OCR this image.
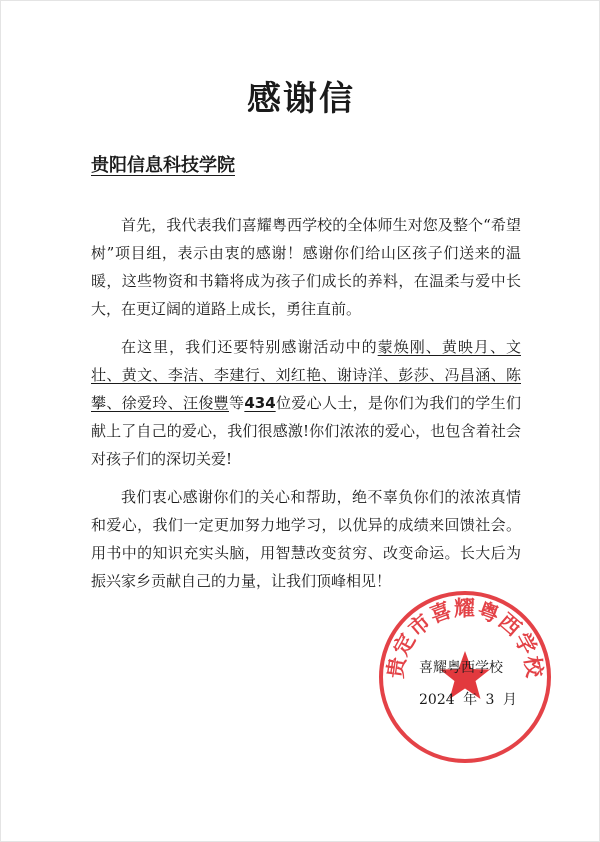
感谢信
贵阳信息科技学院

首先，我代表我们喜耀粤西学校的全体师生对您及整个“希望树”项目组，表示由衷的感谢！感谢你们给山区孩子们送来的温暖，这些物资和书籍将成为孩子们成长的养料，在温柔与爱中长大，在更辽阔的道路上成长，勇往直前。

在这里，我们还要特别感谢活动中的蒙焕刚、黄映月、文壮、黄文、李洁、李建行、刘红艳、谢诗洋、彭莎、冯昌涵、陈攀、徐爱玲、汪俊豐等434位爱心人士，是你们为我们的学生们献上了自己的爱心，我们很感激!你们浓浓的爱心，也包含着社会对孩子们的深切关爱!

我们衷心感谢你们的关心和帮助，绝不辜负你们的浓浓真情和爱心，我们一定更加努力地学习，以优异的成绩来回馈社会。用书中的知识充实头脑，用智慧改变贫穷、改变命运。长大后为振兴家乡贡献自己的力量，让我们顶峰相见！

贵定市喜耀粤西学校
喜耀粤西学校
2024 年 3 月
